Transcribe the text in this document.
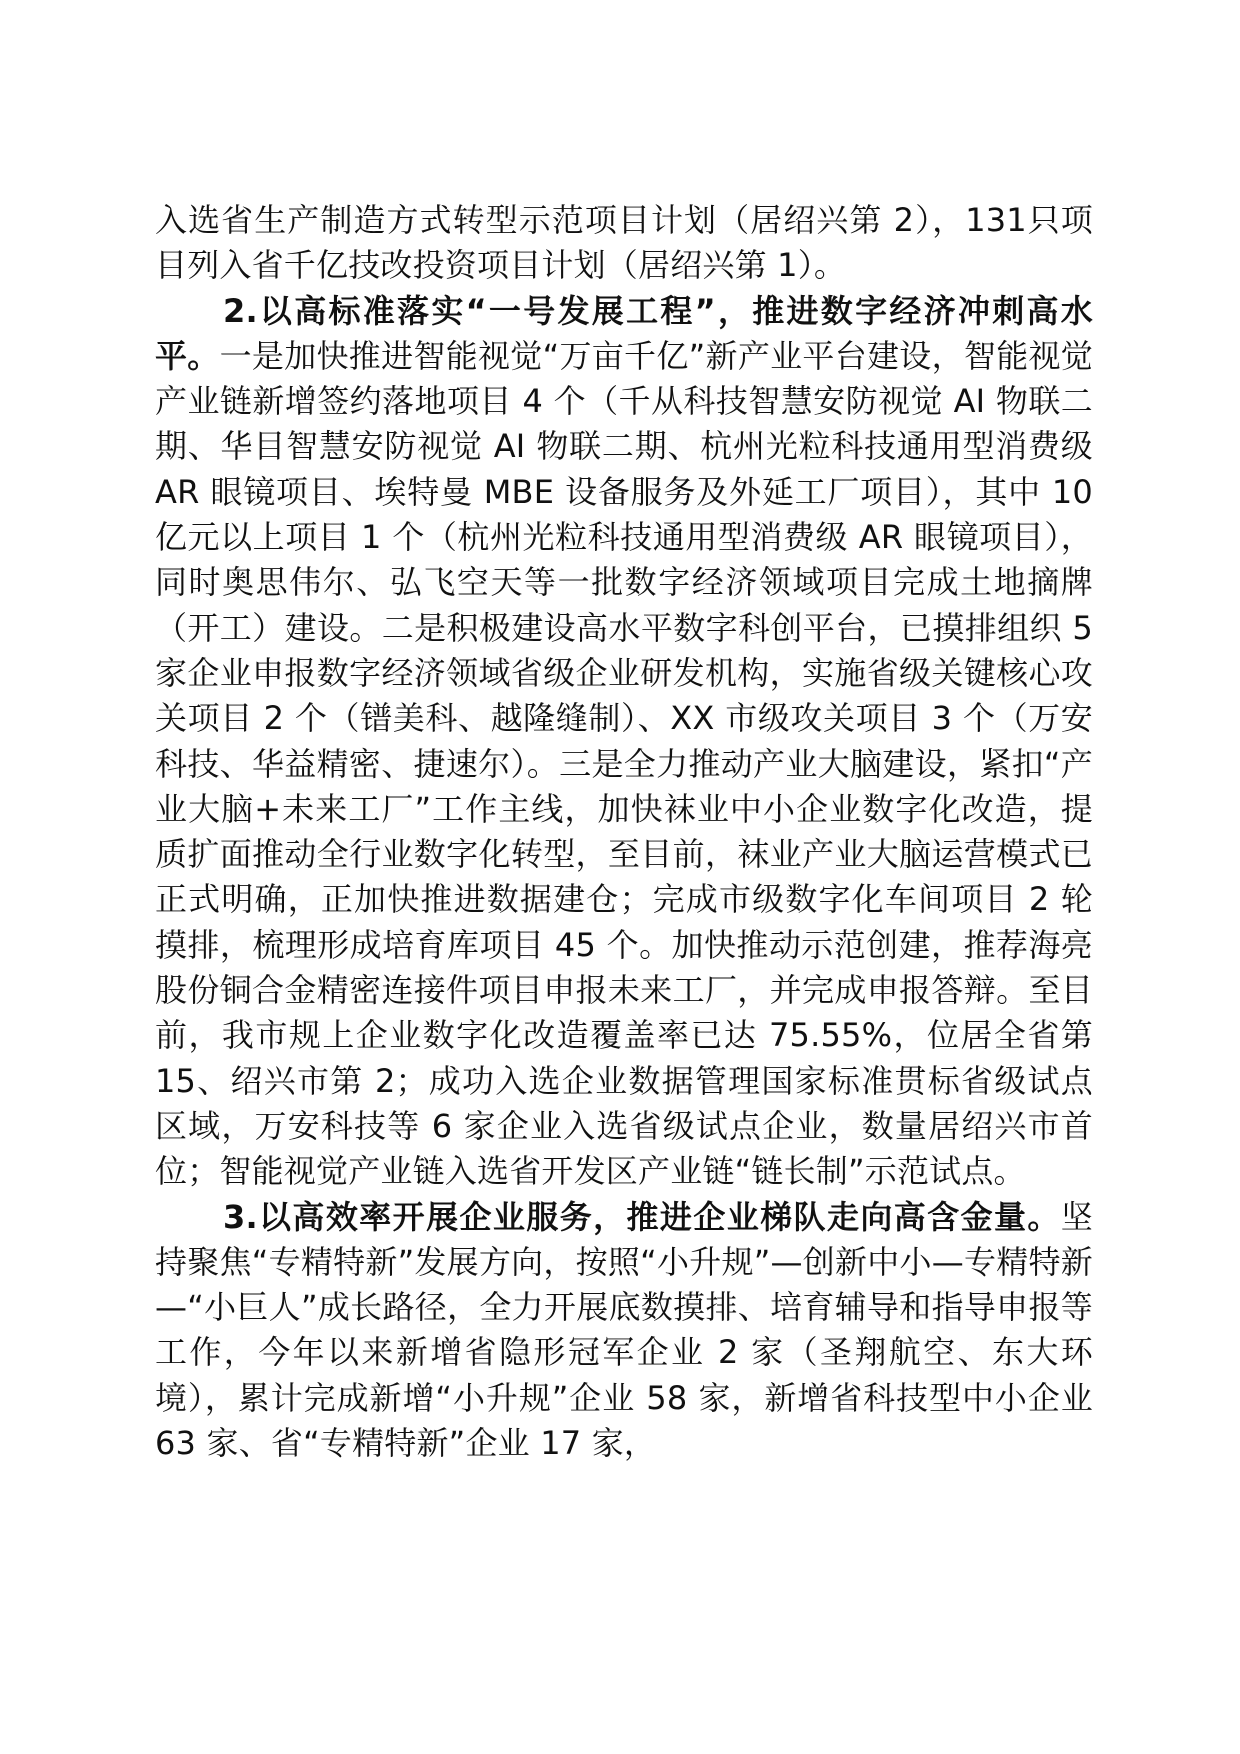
入选省生产制造方式转型示范项目计划（居绍兴第 2），131只项目列入省千亿技改投资项目计划（居绍兴第 1）。

2.以高标准落实“一号发展工程”，推进数字经济冲刺高水平。一是加快推进智能视觉“万亩千亿”新产业平台建设，智能视觉产业链新增签约落地项目 4 个（千从科技智慧安防视觉 AI 物联二期、华目智慧安防视觉 AI 物联二期、杭州光粒科技通用型消费级 AR 眼镜项目、埃特曼 MBE 设备服务及外延工厂项目），其中 10 亿元以上项目 1 个（杭州光粒科技通用型消费级 AR 眼镜项目），同时奥思伟尔、弘飞空天等一批数字经济领域项目完成土地摘牌（开工）建设。二是积极建设高水平数字科创平台，已摸排组织 5 家企业申报数字经济领域省级企业研发机构，实施省级关键核心攻关项目 2 个（镨美科、越隆缝制）、XX 市级攻关项目 3 个（万安科技、华益精密、捷速尔）。三是全力推动产业大脑建设，紧扣“产业大脑+未来工厂”工作主线，加快袜业中小企业数字化改造，提质扩面推动全行业数字化转型，至目前，袜业产业大脑运营模式已正式明确，正加快推进数据建仓；完成市级数字化车间项目 2 轮摸排，梳理形成培育库项目 45 个。加快推动示范创建，推荐海亮股份铜合金精密连接件项目申报未来工厂，并完成申报答辩。至目前，我市规上企业数字化改造覆盖率已达 75.55%，位居全省第 15、绍兴市第 2；成功入选企业数据管理国家标准贯标省级试点区域，万安科技等 6 家企业入选省级试点企业，数量居绍兴市首位；智能视觉产业链入选省开发区产业链“链长制”示范试点。

3.以高效率开展企业服务，推进企业梯队走向高含金量。坚持聚焦“专精特新”发展方向，按照“小升规”—创新中小—专精特新—“小巨人”成长路径，全力开展底数摸排、培育辅导和指导申报等工作，今年以来新增省隐形冠军企业 2 家（圣翔航空、东大环境），累计完成新增“小升规”企业 58 家，新增省科技型中小企业 63 家、省“专精特新”企业 17 家，
